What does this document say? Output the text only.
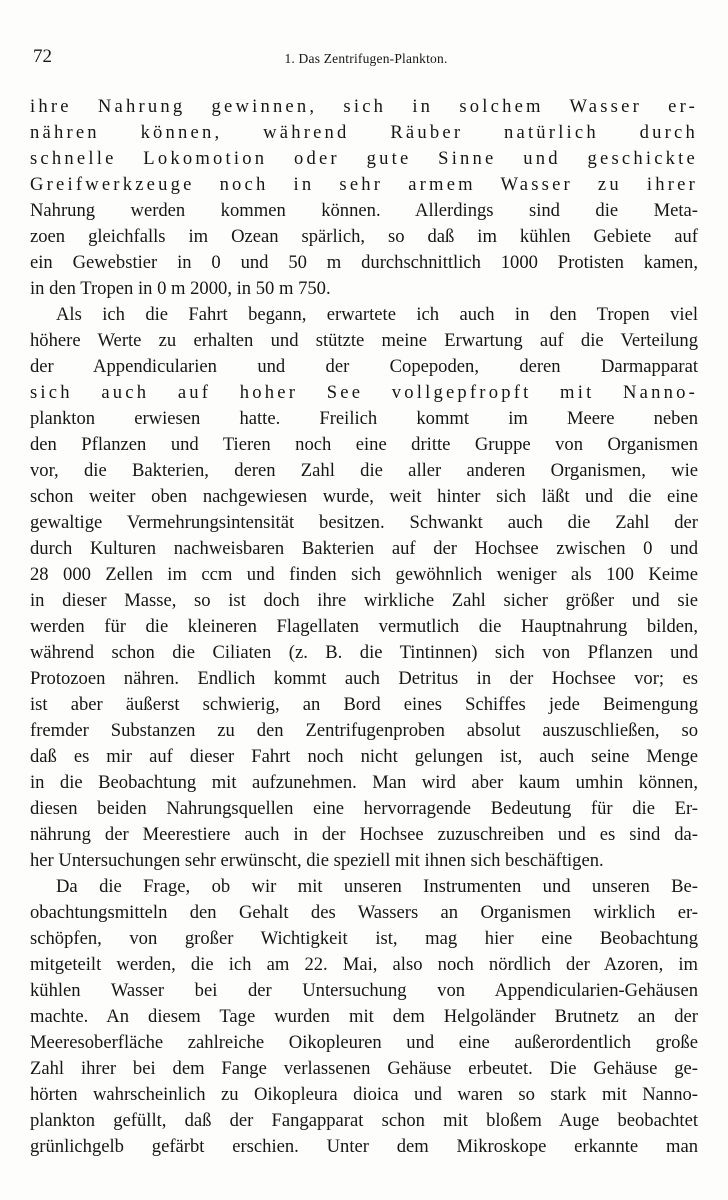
72	1. Das Zentrifugen-Plankton.
ihre Nahrung gewinnen, sich in solchem Wasser er-
nähren können, während Räuber natürlich durch
schnelle Lokomotion oder gute Sinne und geschickte
Greifwerkzeuge noch in sehr armem Wasser zu ihrer
Nahrung werden kommen können. Allerdings sind die Meta-
zoen gleichfalls im Ozean spärlich, so daß im kühlen Gebiete auf
ein Gewebstier in 0 und 50 m durchschnittlich 1000 Protisten kamen,
in den Tropen in 0 m 2000, in 50 m 750.
Als ich die Fahrt begann, erwartete ich auch in den Tropen viel
höhere Werte zu erhalten und stützte meine Erwartung auf die Verteilung
der Appendicularien und der Copepoden, deren Darmapparat
sich auch auf hoher See vollgepfropft mit Nanno-
plankton erwiesen hatte. Freilich kommt im Meere neben
den Pflanzen und Tieren noch eine dritte Gruppe von Organismen
vor, die Bakterien, deren Zahl die aller anderen Organismen, wie
schon weiter oben nachgewiesen wurde, weit hinter sich läßt und die eine
gewaltige Vermehrungsintensität besitzen. Schwankt auch die Zahl der
durch Kulturen nachweisbaren Bakterien auf der Hochsee zwischen 0 und
28 000 Zellen im ccm und finden sich gewöhnlich weniger als 100 Keime
in dieser Masse, so ist doch ihre wirkliche Zahl sicher größer und sie
werden für die kleineren Flagellaten vermutlich die Hauptnahrung bilden,
während schon die Ciliaten (z. B. die Tintinnen) sich von Pflanzen und
Protozoen nähren. Endlich kommt auch Detritus in der Hochsee vor; es
ist aber äußerst schwierig, an Bord eines Schiffes jede Beimengung
fremder Substanzen zu den Zentrifugenproben absolut auszuschließen, so
daß es mir auf dieser Fahrt noch nicht gelungen ist, auch seine Menge
in die Beobachtung mit aufzunehmen. Man wird aber kaum umhin können,
diesen beiden Nahrungsquellen eine hervorragende Bedeutung für die Er-
nährung der Meerestiere auch in der Hochsee zuzuschreiben und es sind da-
her Untersuchungen sehr erwünscht, die speziell mit ihnen sich beschäftigen.
Da die Frage, ob wir mit unseren Instrumenten und unseren Be-
obachtungsmitteln den Gehalt des Wassers an Organismen wirklich er-
schöpfen, von großer Wichtigkeit ist, mag hier eine Beobachtung
mitgeteilt werden, die ich am 22. Mai, also noch nördlich der Azoren, im
kühlen Wasser bei der Untersuchung von Appendicularien-Gehäusen
machte. An diesem Tage wurden mit dem Helgoländer Brutnetz an der
Meeresoberfläche zahlreiche Oikopleuren und eine außerordentlich große
Zahl ihrer bei dem Fange verlassenen Gehäuse erbeutet. Die Gehäuse ge-
hörten wahrscheinlich zu Oikopleura dioica und waren so stark mit Nanno-
plankton gefüllt, daß der Fangapparat schon mit bloßem Auge beobachtet
grünlichgelb gefärbt erschien. Unter dem Mikroskope erkannte man
